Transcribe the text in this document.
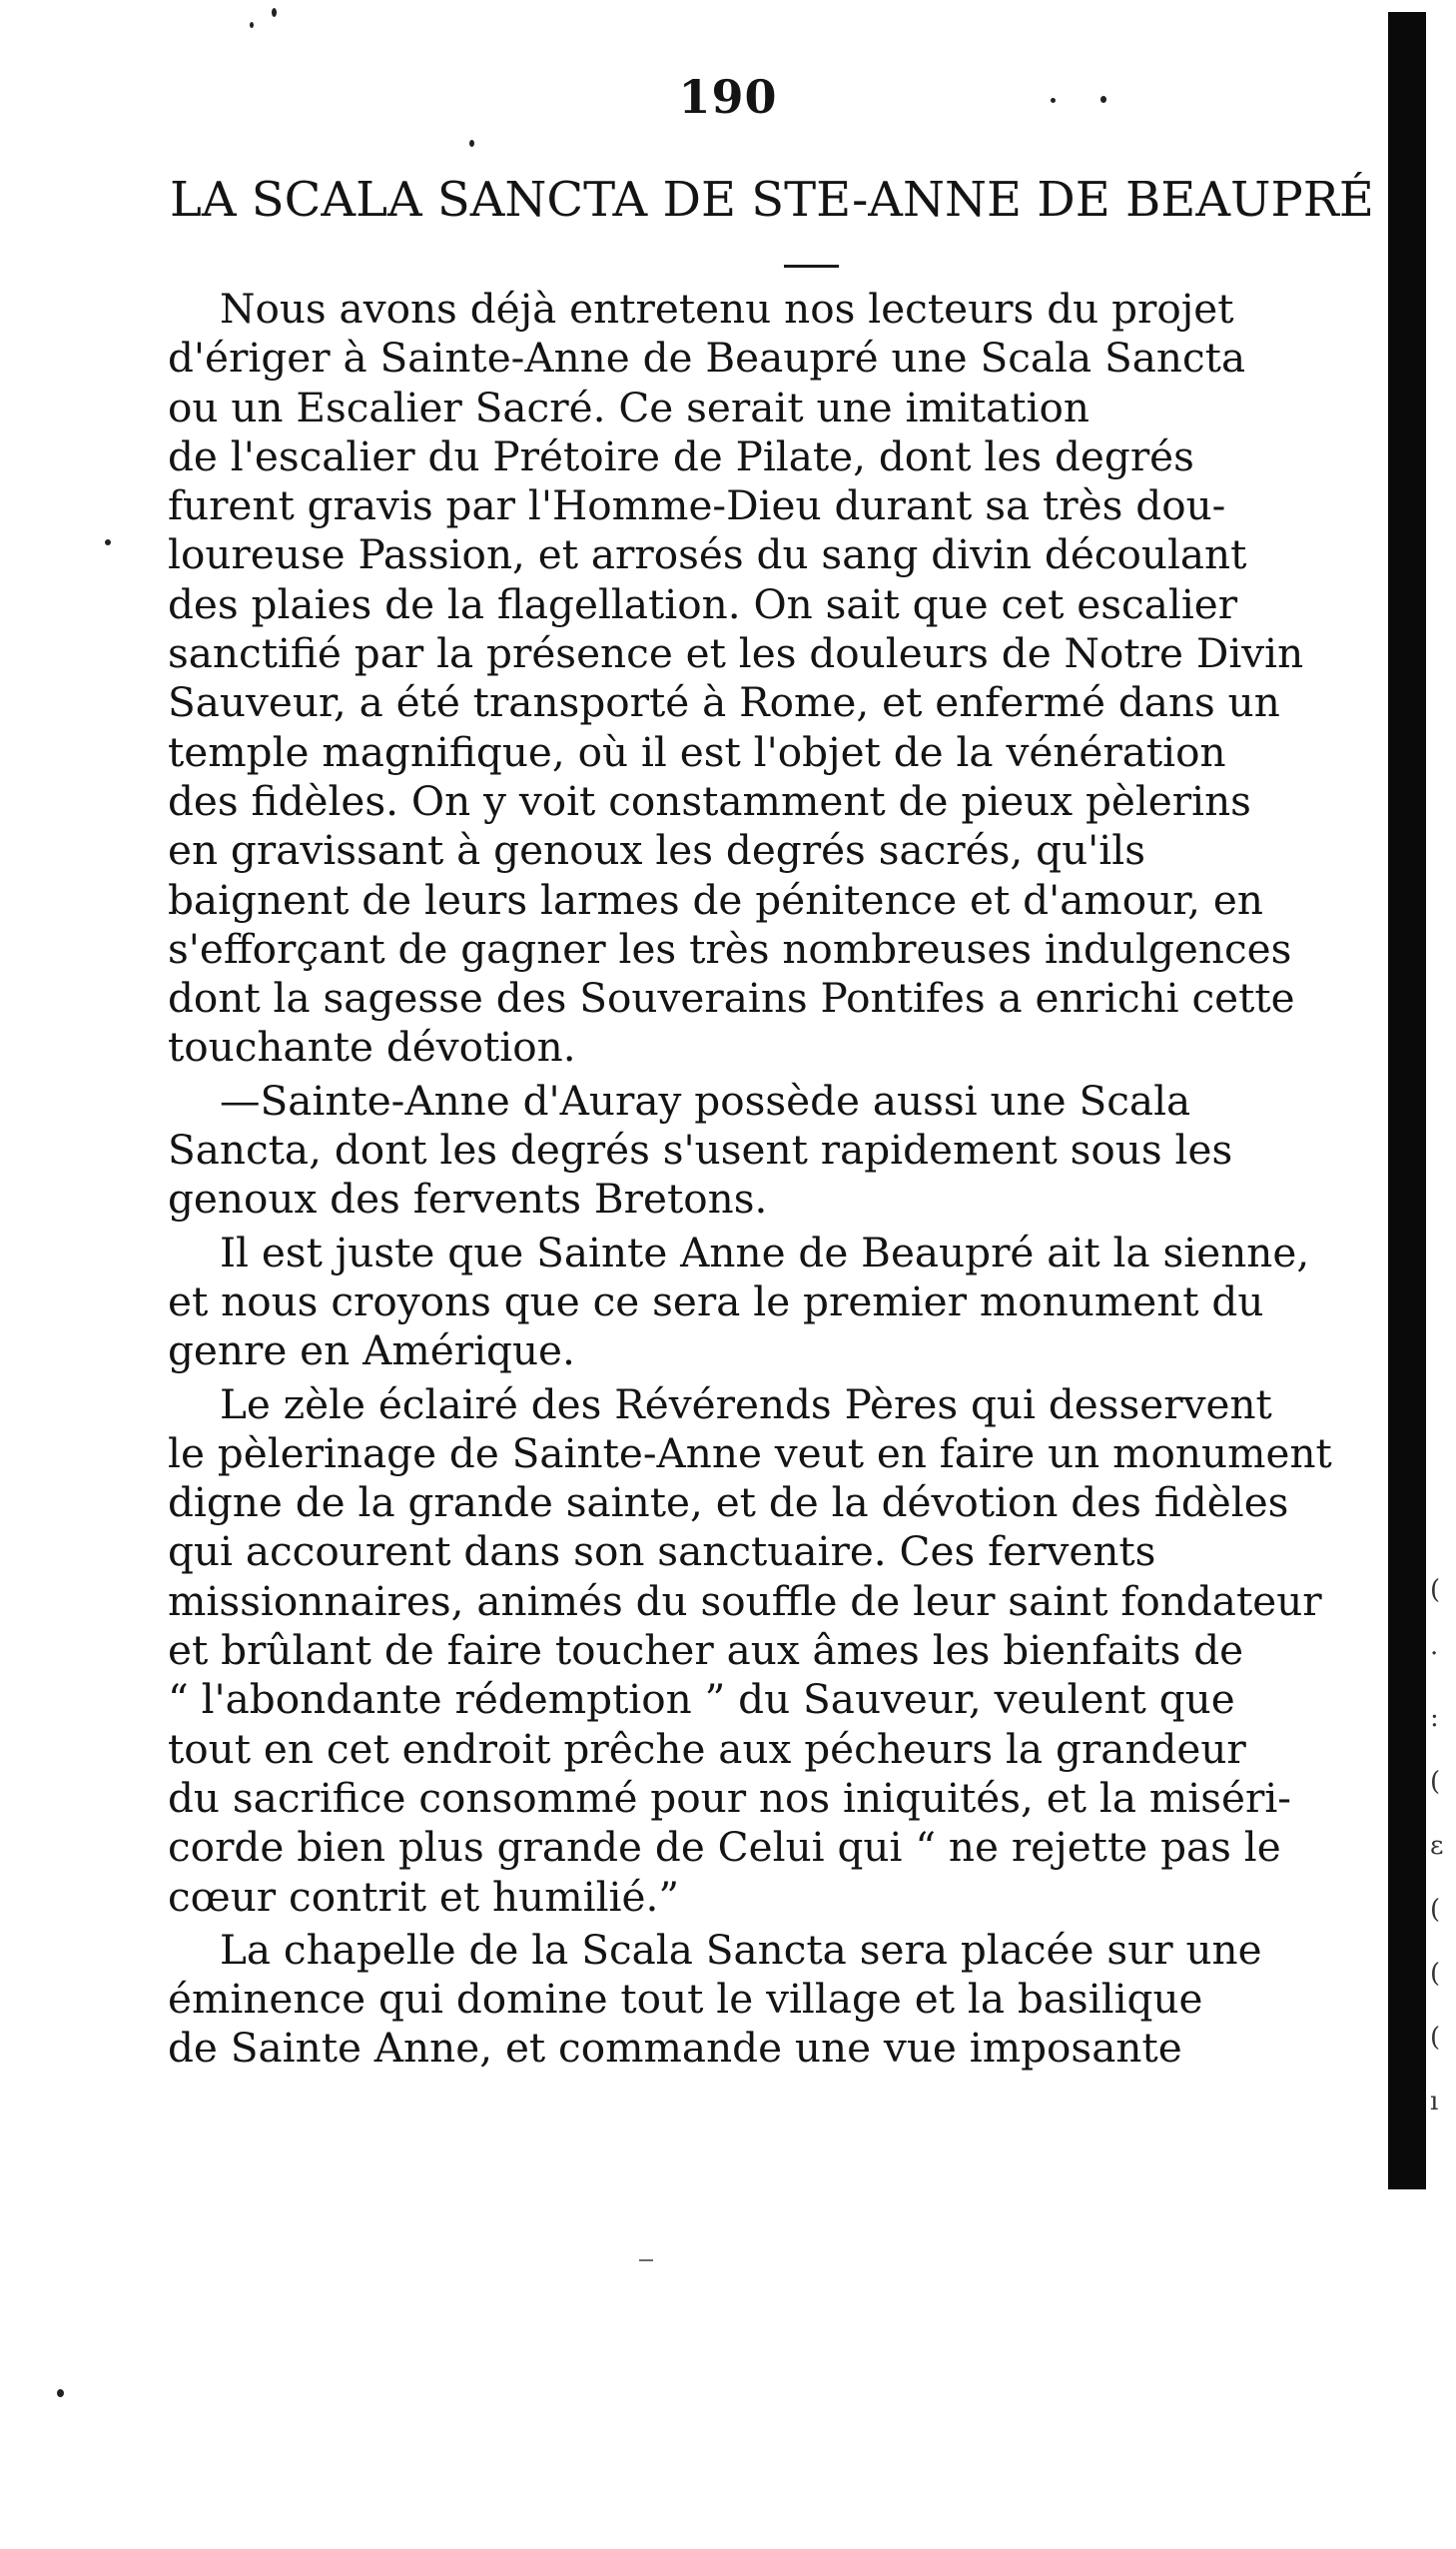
190
LA SCALA SANCTA DE STE-ANNE DE BEAUPRÉ
Nous avons déjà entretenu nos lecteurs du projet
d'ériger à Sainte-Anne de Beaupré une Scala Sancta
ou un Escalier Sacré. Ce serait une imitation
de l'escalier du Prétoire de Pilate, dont les degrés
furent gravis par l'Homme-Dieu durant sa très dou-
loureuse Passion, et arrosés du sang divin découlant
des plaies de la flagellation. On sait que cet escalier
sanctifié par la présence et les douleurs de Notre Divin
Sauveur, a été transporté à Rome, et enfermé dans un
temple magnifique, où il est l'objet de la vénération
des fidèles. On y voit constamment de pieux pèlerins
en gravissant à genoux les degrés sacrés, qu'ils
baignent de leurs larmes de pénitence et d'amour, en
s'efforçant de gagner les très nombreuses indulgences
dont la sagesse des Souverains Pontifes a enrichi cette
touchante dévotion.
—Sainte-Anne d'Auray possède aussi une Scala
Sancta, dont les degrés s'usent rapidement sous les
genoux des fervents Bretons.
Il est juste que Sainte Anne de Beaupré ait la sienne,
et nous croyons que ce sera le premier monument du
genre en Amérique.
Le zèle éclairé des Révérends Pères qui desservent
le pèlerinage de Sainte-Anne veut en faire un monument
digne de la grande sainte, et de la dévotion des fidèles
qui accourent dans son sanctuaire. Ces fervents
missionnaires, animés du souffle de leur saint fondateur
et brûlant de faire toucher aux âmes les bienfaits de
“ l'abondante rédemption ” du Sauveur, veulent que
tout en cet endroit prêche aux pécheurs la grandeur
du sacrifice consommé pour nos iniquités, et la miséri-
corde bien plus grande de Celui qui “ ne rejette pas le
cœur contrit et humilié.”
La chapelle de la Scala Sancta sera placée sur une
éminence qui domine tout le village et la basilique
de Sainte Anne, et commande une vue imposante
(
·
:
(
ɛ
(
(
(
ı
